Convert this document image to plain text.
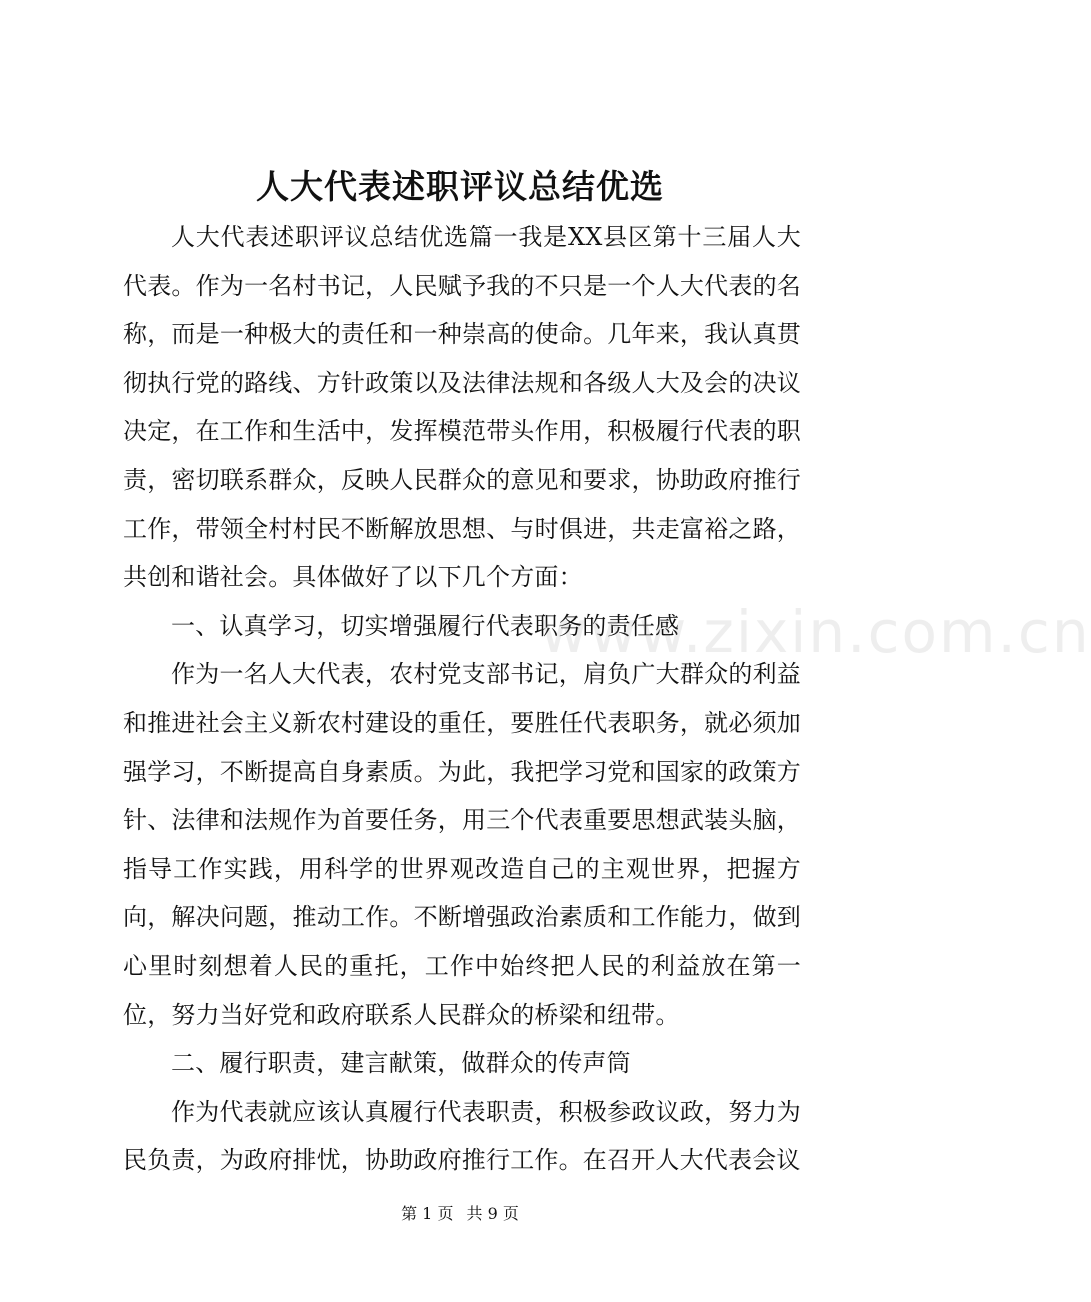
人大代表述职评议总结优选

人大代表述职评议总结优选篇一我是XX县区第十三届人大代表。作为一名村书记，人民赋予我的不只是一个人大代表的名称，而是一种极大的责任和一种崇高的使命。几年来，我认真贯彻执行党的路线、方针政策以及法律法规和各级人大及会的决议决定，在工作和生活中，发挥模范带头作用，积极履行代表的职责，密切联系群众，反映人民群众的意见和要求，协助政府推行工作，带领全村村民不断解放思想、与时俱进，共走富裕之路，共创和谐社会。具体做好了以下几个方面：

一、认真学习，切实增强履行代表职务的责任感

作为一名人大代表，农村党支部书记，肩负广大群众的利益和推进社会主义新农村建设的重任，要胜任代表职务，就必须加强学习，不断提高自身素质。为此，我把学习党和国家的政策方针、法律和法规作为首要任务，用三个代表重要思想武装头脑，指导工作实践，用科学的世界观改造自己的主观世界，把握方向，解决问题，推动工作。不断增强政治素质和工作能力，做到心里时刻想着人民的重托，工作中始终把人民的利益放在第一位，努力当好党和政府联系人民群众的桥梁和纽带。

二、履行职责，建言献策，做群众的传声筒

作为代表就应该认真履行代表职责，积极参政议政，努力为民负责，为政府排忧，协助政府推行工作。在召开人大代表会议

www.zixin.com.cn
第 1 页 共 9 页
